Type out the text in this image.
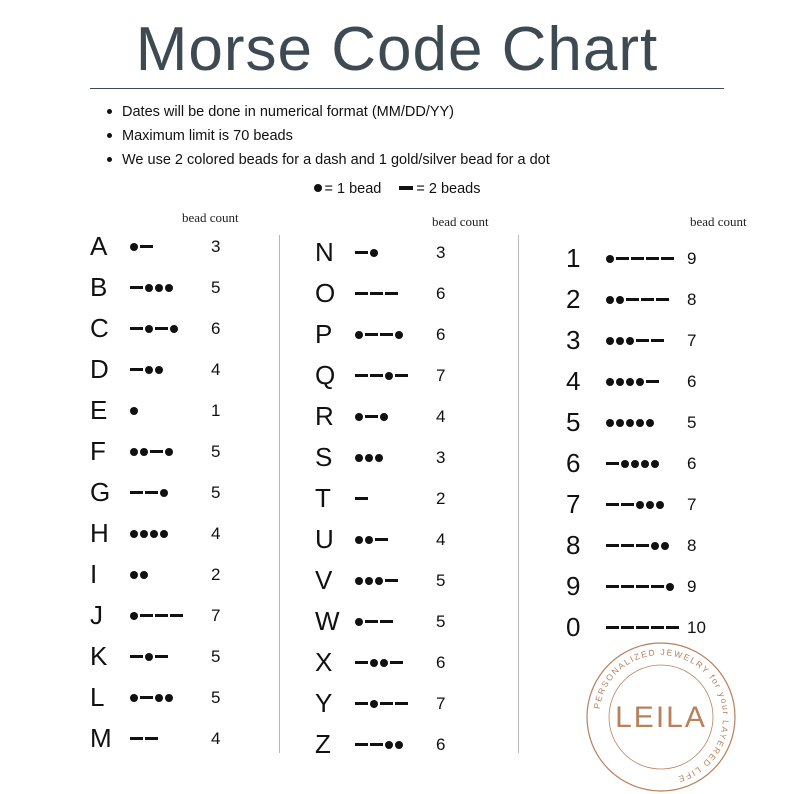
Morse Code Chart
Dates will be done in numerical format (MM/DD/YY)
Maximum limit is 70 beads
We use 2 colored beads for a dash and 1 gold/silver bead for a dot
= 1 bead = 2 beads
bead count	bead count	bead count
A	3
B	5
C	6
D	4
E	1
F	5
G	5
H	4
I	2
J	7
K	5
L	5
M	4
N	3
O	6
P	6
Q	7
R	4
S	3
T	2
U	4
V	5
W	5
X	6
Y	7
Z	6
1	9
2	8
3	7
4	6
5	5
6	6
7	7
8	8
9	9
0	10
PERSONALIZED JEWELRY for your LAYERED LIFE
LEILA
